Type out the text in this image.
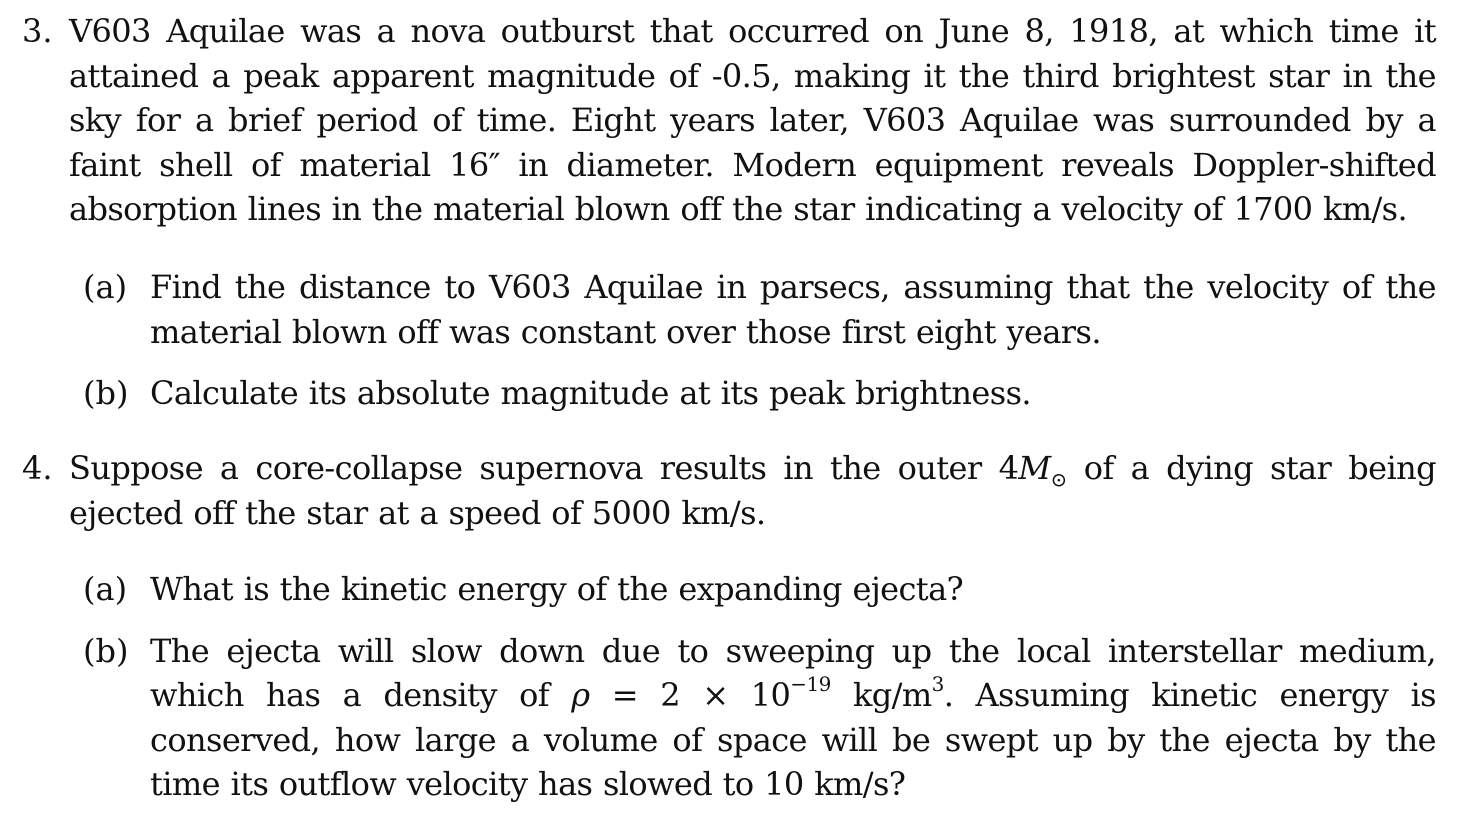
3. V603 Aquilae was a nova outburst that occurred on June 8, 1918, at which time it attained a peak apparent magnitude of -0.5, making it the third brightest star in the sky for a brief period of time. Eight years later, V603 Aquilae was surrounded by a faint shell of material 16″ in diameter. Modern equipment reveals Doppler-shifted absorption lines in the material blown off the star indicating a velocity of 1700 km/s.
(a) Find the distance to V603 Aquilae in parsecs, assuming that the velocity of the material blown off was constant over those first eight years.
(b) Calculate its absolute magnitude at its peak brightness.
4. Suppose a core-collapse supernova results in the outer $4M_⊙$ of a dying star being ejected off the star at a speed of 5000 km/s.
(a) What is the kinetic energy of the expanding ejecta?
(b) The ejecta will slow down due to sweeping up the local interstellar medium, which has a density of $\rho = 2 \times 10^{-19}$ $kg/m^3$. Assuming kinetic energy is conserved, how large a volume of space will be swept up by the ejecta by the time its outflow velocity has slowed to 10 km/s?
